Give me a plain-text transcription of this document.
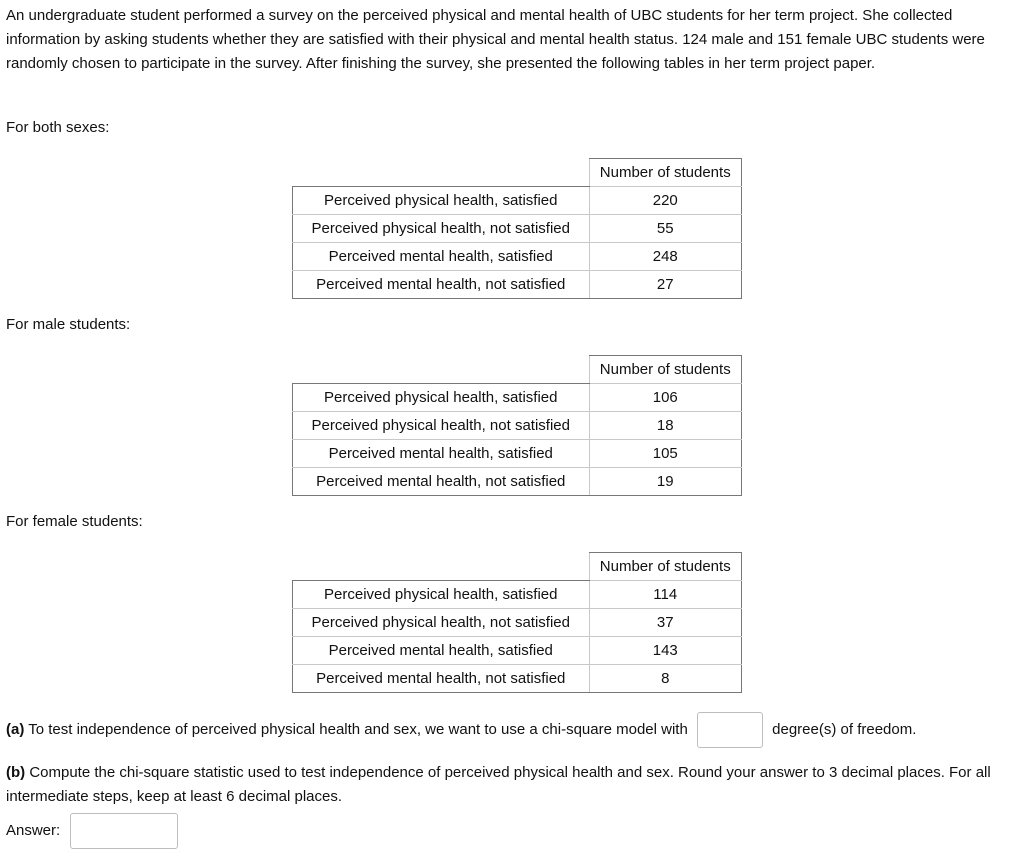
An undergraduate student performed a survey on the perceived physical and mental health of UBC students for her term project. She collected information by asking students whether they are satisfied with their physical and mental health status. 124 male and 151 female UBC students were randomly chosen to participate in the survey. After finishing the survey, she presented the following tables in her term project paper.

For both sexes:

	Number of students
Perceived physical health, satisfied	220
Perceived physical health, not satisfied	55
Perceived mental health, satisfied	248
Perceived mental health, not satisfied	27

For male students:

	Number of students
Perceived physical health, satisfied	106
Perceived physical health, not satisfied	18
Perceived mental health, satisfied	105
Perceived mental health, not satisfied	19

For female students:

	Number of students
Perceived physical health, satisfied	114
Perceived physical health, not satisfied	37
Perceived mental health, satisfied	143
Perceived mental health, not satisfied	8

(a) To test independence of perceived physical health and sex, we want to use a chi-square model with	degree(s) of freedom.

(b) Compute the chi-square statistic used to test independence of perceived physical health and sex. Round your answer to 3 decimal places. For all intermediate steps, keep at least 6 decimal places.

Answer:
